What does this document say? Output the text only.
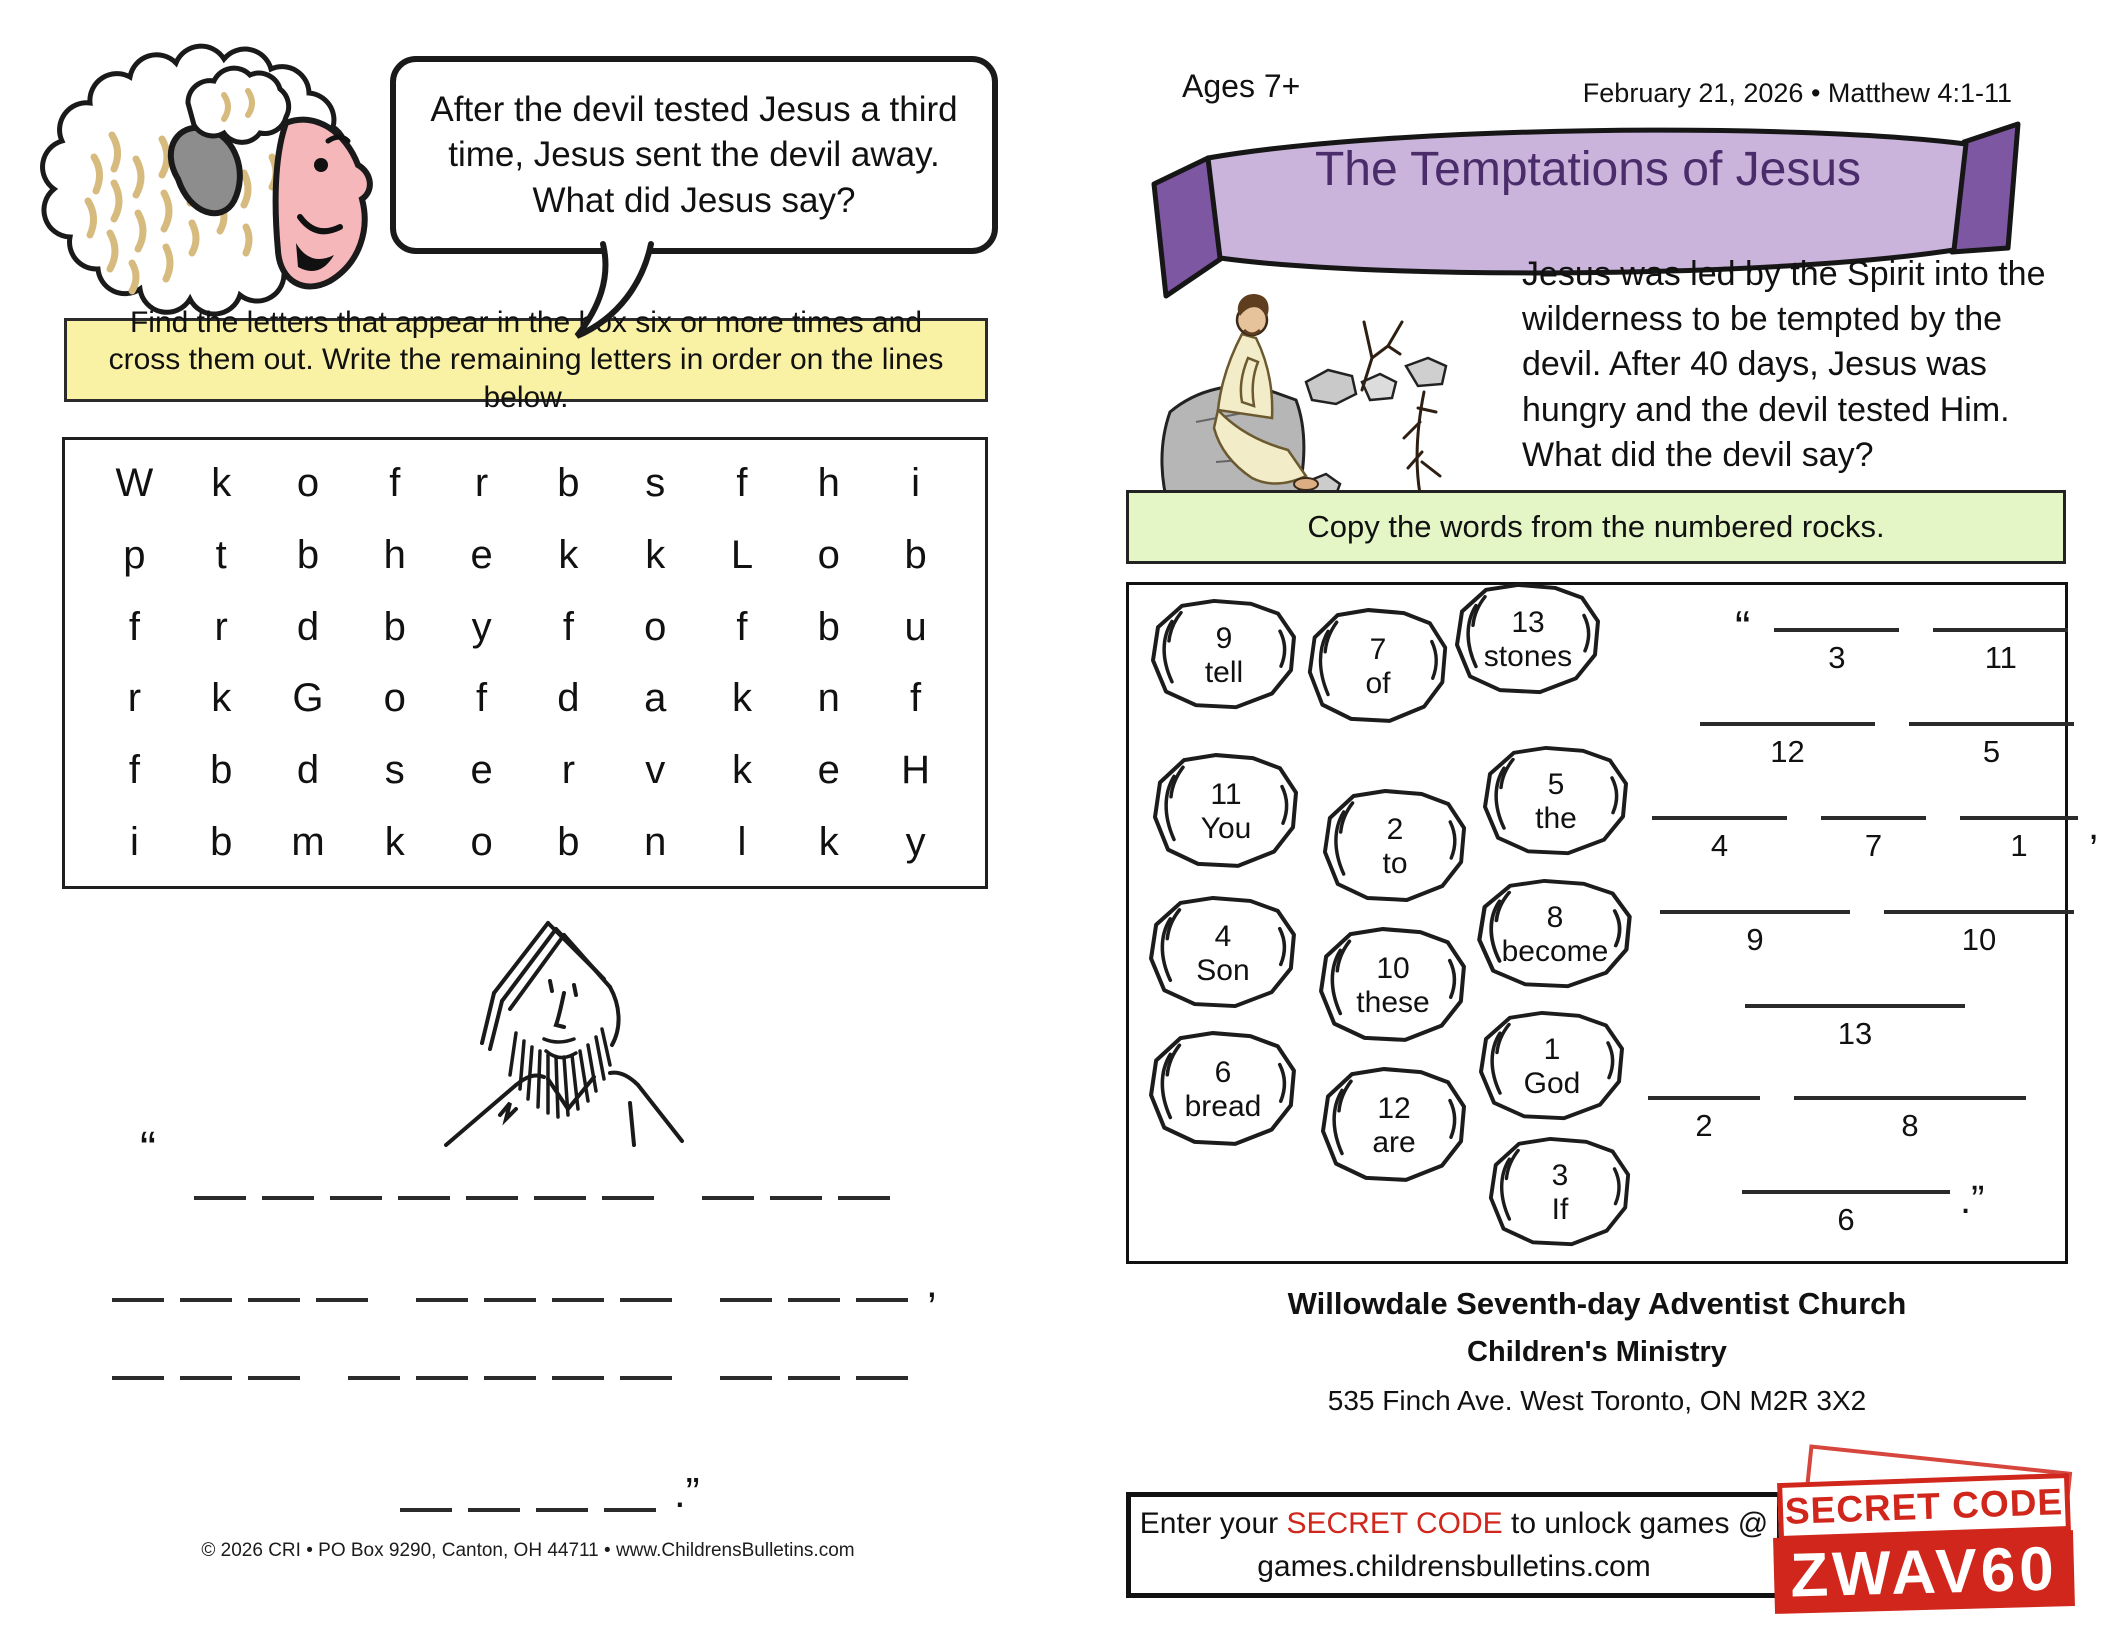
After the devil tested Jesus a third time, Jesus sent the devil away. What did Jesus say?
Find the letters that appear in the box six or more times and cross them out. Write the remaining letters in order on the lines below.
W k o f r b s f h i
p t b h e k k L o b
f r d b y f o f b u
r k G o f d a k n f
f b d s e r v k e H
i b m k o b n l k y
“
,
.”
© 2026 CRI • PO Box 9290, Canton, OH 44711 • www.ChildrensBulletins.com
Ages 7+	February 21, 2026 • Matthew 4:1-11
The Temptations of Jesus
Jesus was led by the Spirit into the wilderness to be tempted by the devil. After 40 days, Jesus was hungry and the devil tested Him. What did the devil say?
Copy the words from the numbered rocks.
9
tell
7
of
13
stones
11
You	2
to
5
the
4
Son	10
these
8
become
6
bread	12
are
1
God
3
If
“
3	11
12	5
4	7	1 ,
9	10
13
2	8
6	.”
Willowdale Seventh-day Adventist Church
Children's Ministry
535 Finch Ave. West Toronto, ON M2R 3X2
Enter your SECRET CODE to unlock games @
games.childrensbulletins.com
SECRET CODE
ZWAV60
